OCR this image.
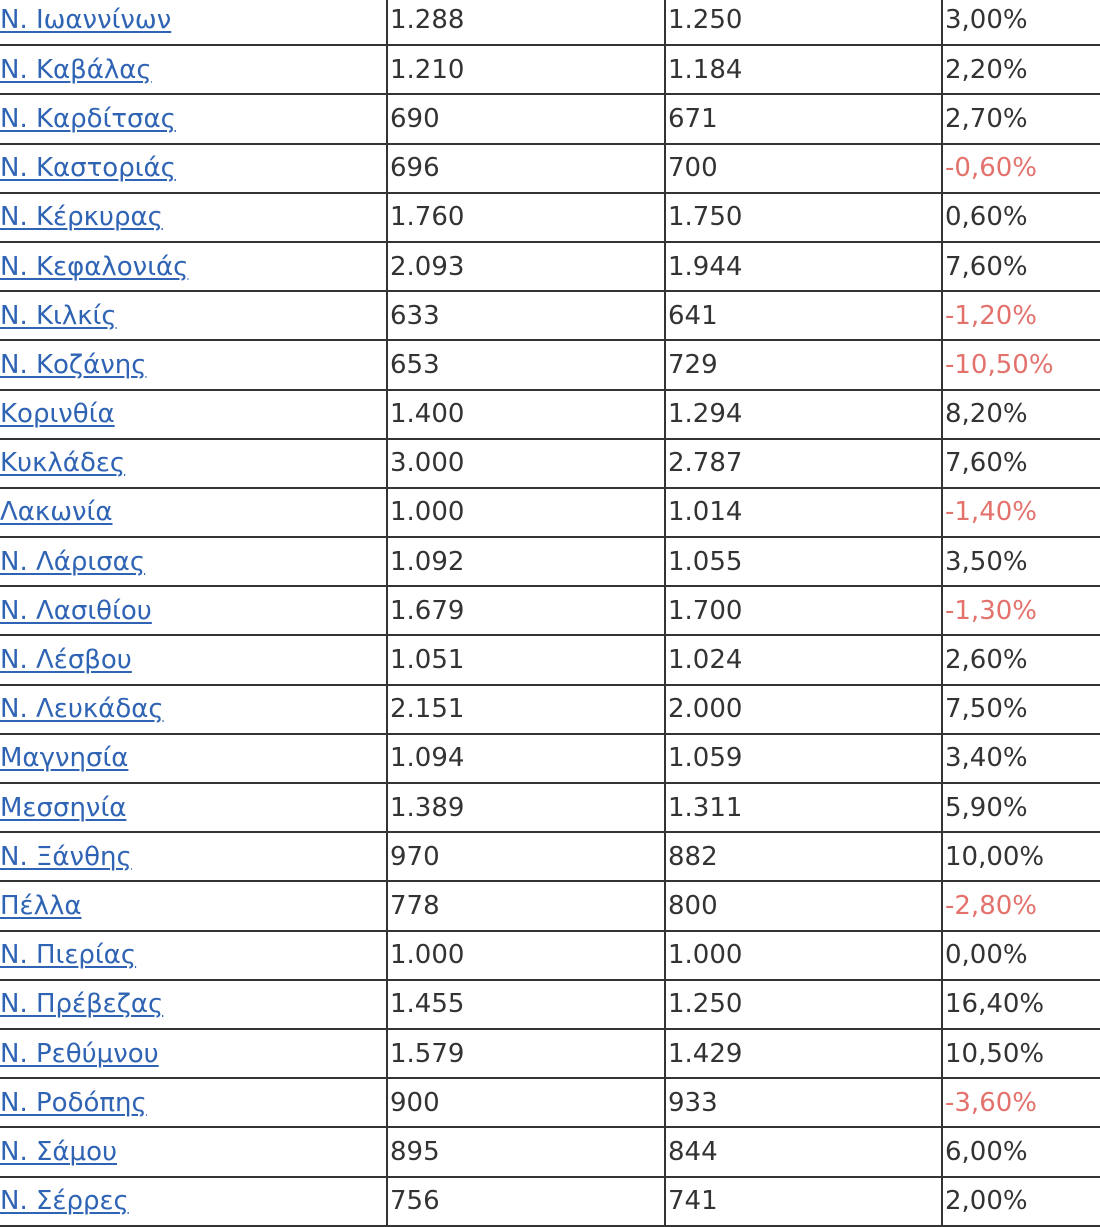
Ν. Ιωαννίνων	1.288	1.250	3,00%
Ν. Καβάλας	1.210	1.184	2,20%
Ν. Καρδίτσας	690	671	2,70%
Ν. Καστοριάς	696	700	-0,60%
Ν. Κέρκυρας	1.760	1.750	0,60%
Ν. Κεφαλονιάς	2.093	1.944	7,60%
Ν. Κιλκίς	633	641	-1,20%
Ν. Κοζάνης	653	729	-10,50%
Κορινθία	1.400	1.294	8,20%
Κυκλάδες	3.000	2.787	7,60%
Λακωνία	1.000	1.014	-1,40%
Ν. Λάρισας	1.092	1.055	3,50%
Ν. Λασιθίου	1.679	1.700	-1,30%
Ν. Λέσβου	1.051	1.024	2,60%
Ν. Λευκάδας	2.151	2.000	7,50%
Μαγνησία	1.094	1.059	3,40%
Μεσσηνία	1.389	1.311	5,90%
Ν. Ξάνθης	970	882	10,00%
Πέλλα	778	800	-2,80%
Ν. Πιερίας	1.000	1.000	0,00%
Ν. Πρέβεζας	1.455	1.250	16,40%
Ν. Ρεθύμνου	1.579	1.429	10,50%
Ν. Ροδόπης	900	933	-3,60%
Ν. Σάμου	895	844	6,00%
Ν. Σέρρες	756	741	2,00%
